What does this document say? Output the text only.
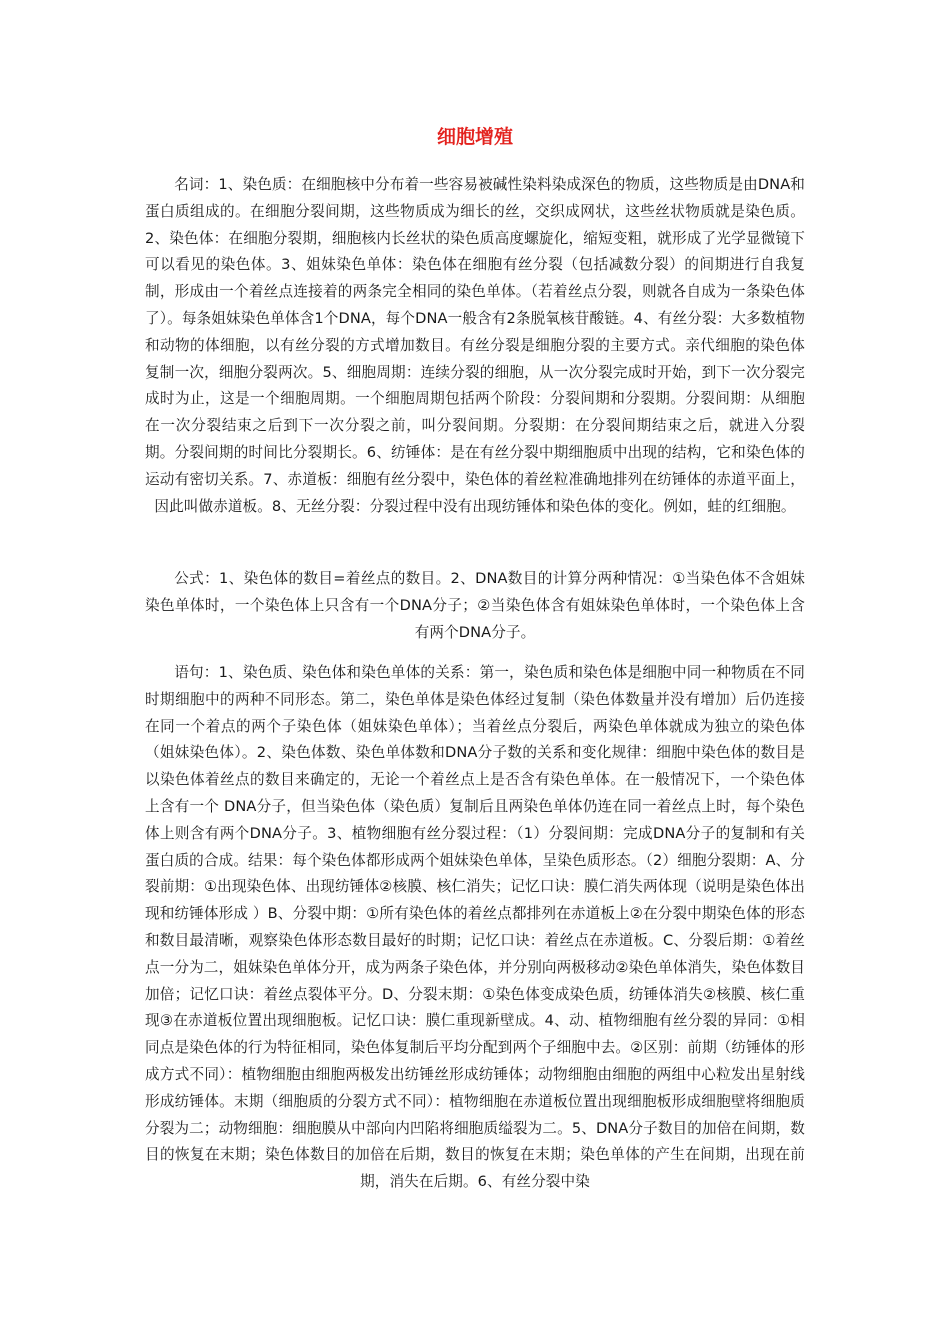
细胞增殖

名词：1、染色质：在细胞核中分布着一些容易被碱性染料染成深色的物质，这些物质是由DNA和蛋白质组成的。在细胞分裂间期，这些物质成为细长的丝，交织成网状，这些丝状物质就是染色质。2、染色体：在细胞分裂期，细胞核内长丝状的染色质高度螺旋化，缩短变粗，就形成了光学显微镜下可以看见的染色体。3、姐妹染色单体：染色体在细胞有丝分裂（包括减数分裂）的间期进行自我复制，形成由一个着丝点连接着的两条完全相同的染色单体。（若着丝点分裂，则就各自成为一条染色体了）。每条姐妹染色单体含1个DNA，每个DNA一般含有2条脱氧核苷酸链。4、有丝分裂：大多数植物和动物的体细胞，以有丝分裂的方式增加数目。有丝分裂是细胞分裂的主要方式。亲代细胞的染色体复制一次，细胞分裂两次。5、细胞周期：连续分裂的细胞，从一次分裂完成时开始，到下一次分裂完成时为止，这是一个细胞周期。一个细胞周期包括两个阶段：分裂间期和分裂期。分裂间期：从细胞在一次分裂结束之后到下一次分裂之前，叫分裂间期。分裂期：在分裂间期结束之后，就进入分裂期。分裂间期的时间比分裂期长。6、纺锤体：是在有丝分裂中期细胞质中出现的结构，它和染色体的运动有密切关系。7、赤道板：细胞有丝分裂中，染色体的着丝粒准确地排列在纺锤体的赤道平面上，因此叫做赤道板。8、无丝分裂：分裂过程中没有出现纺锤体和染色体的变化。例如，蛙的红细胞。

公式：1、染色体的数目=着丝点的数目。2、DNA数目的计算分两种情况：①当染色体不含姐妹染色单体时，一个染色体上只含有一个DNA分子；②当染色体含有姐妹染色单体时，一个染色体上含有两个DNA分子。

语句：1、染色质、染色体和染色单体的关系：第一，染色质和染色体是细胞中同一种物质在不同时期细胞中的两种不同形态。第二，染色单体是染色体经过复制（染色体数量并没有增加）后仍连接在同一个着点的两个子染色体（姐妹染色单体）；当着丝点分裂后，两染色单体就成为独立的染色体（姐妹染色体）。2、染色体数、染色单体数和DNA分子数的关系和变化规律：细胞中染色体的数目是以染色体着丝点的数目来确定的，无论一个着丝点上是否含有染色单体。在一般情况下，一个染色体上含有一个 DNA分子，但当染色体（染色质）复制后且两染色单体仍连在同一着丝点上时，每个染色体上则含有两个DNA分子。3、植物细胞有丝分裂过程：（1）分裂间期：完成DNA分子的复制和有关蛋白质的合成。结果：每个染色体都形成两个姐妹染色单体，呈染色质形态。（2）细胞分裂期：A、分裂前期：①出现染色体、出现纺锤体②核膜、核仁消失；记忆口诀：膜仁消失两体现（说明是染色体出现和纺锤体形成 ）B、分裂中期：①所有染色体的着丝点都排列在赤道板上②在分裂中期染色体的形态和数目最清晰，观察染色体形态数目最好的时期；记忆口诀：着丝点在赤道板。C、分裂后期：①着丝点一分为二，姐妹染色单体分开，成为两条子染色体，并分别向两极移动②染色单体消失，染色体数目加倍；记忆口诀：着丝点裂体平分。D、分裂末期：①染色体变成染色质，纺锤体消失②核膜、核仁重现③在赤道板位置出现细胞板。记忆口诀：膜仁重现新壁成。4、动、植物细胞有丝分裂的异同：①相同点是染色体的行为特征相同，染色体复制后平均分配到两个子细胞中去。②区别：前期（纺锤体的形成方式不同）：植物细胞由细胞两极发出纺锤丝形成纺锤体；动物细胞由细胞的两组中心粒发出星射线形成纺锤体。末期（细胞质的分裂方式不同）：植物细胞在赤道板位置出现细胞板形成细胞壁将细胞质分裂为二；动物细胞：细胞膜从中部向内凹陷将细胞质缢裂为二。5、DNA分子数目的加倍在间期，数目的恢复在末期；染色体数目的加倍在后期，数目的恢复在末期；染色单体的产生在间期，出现在前期，消失在后期。6、有丝分裂中染
